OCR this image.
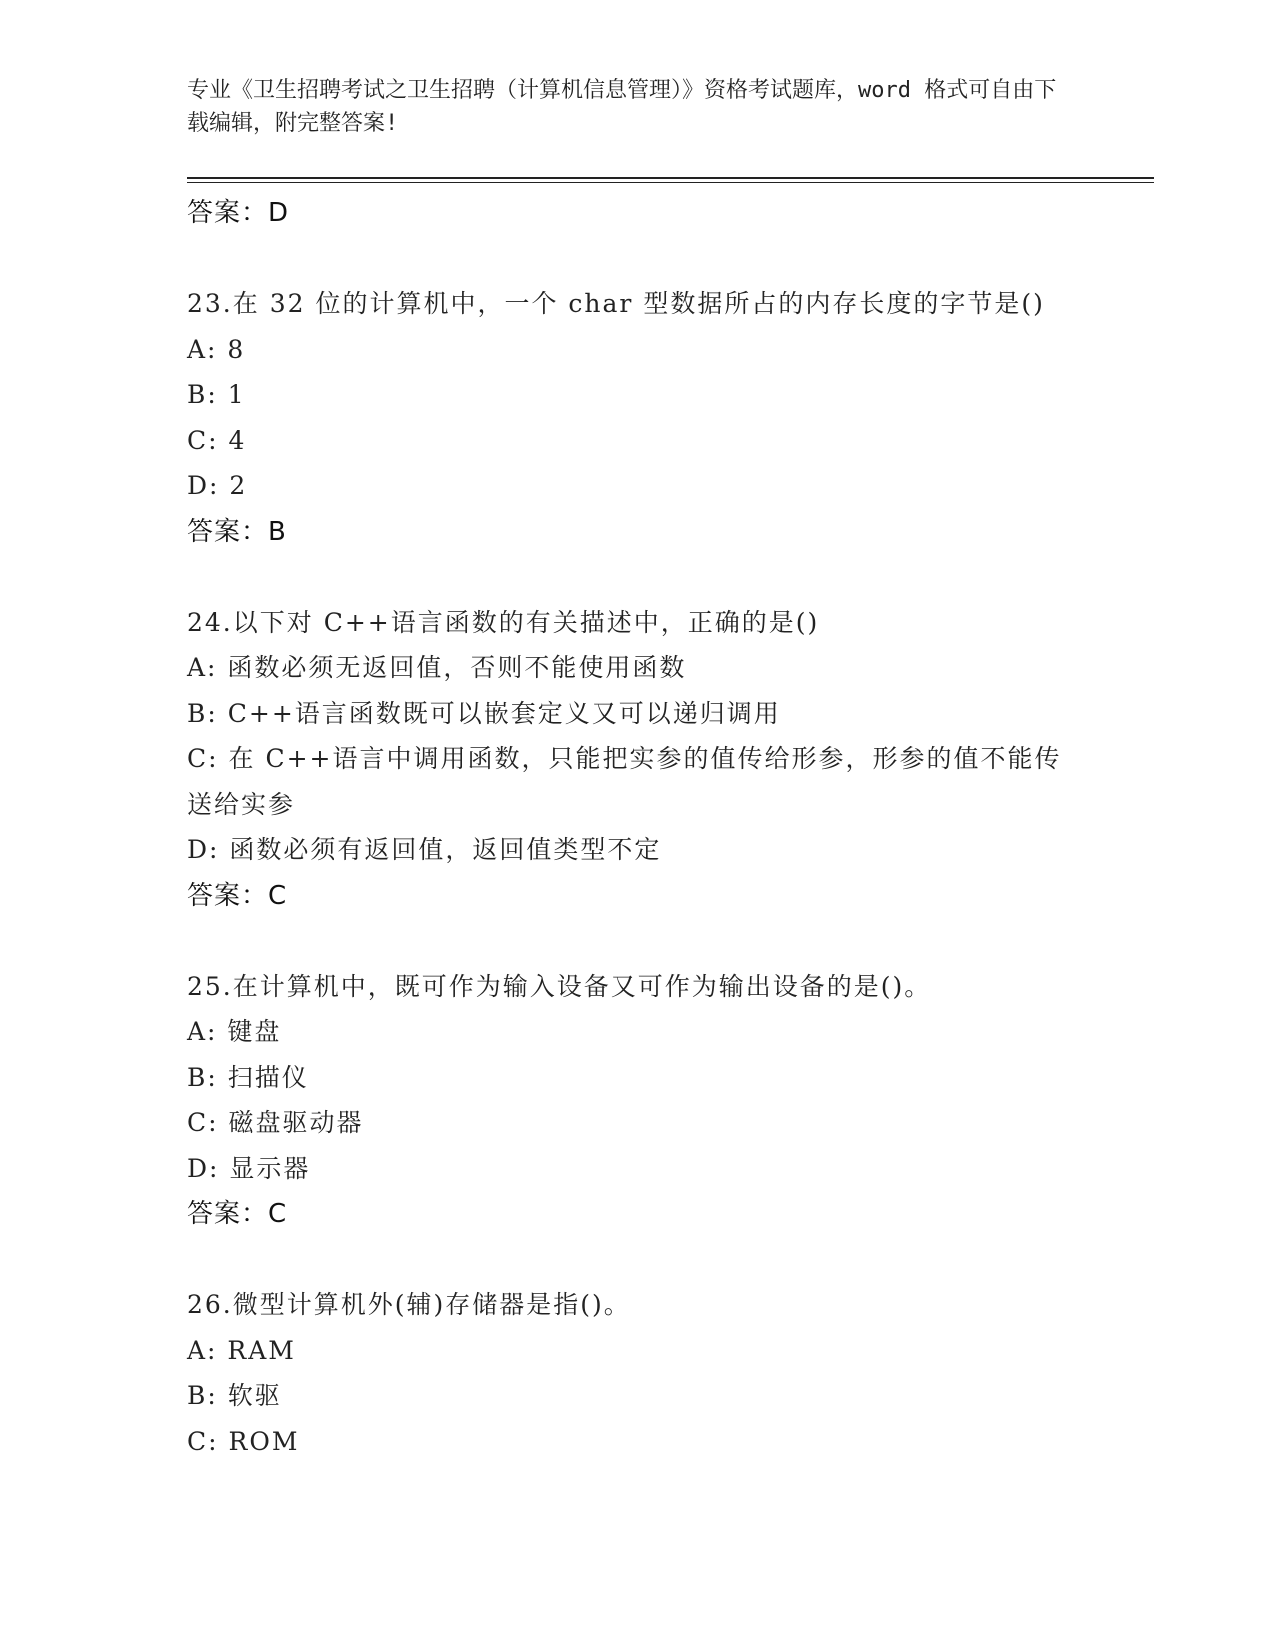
专业《卫生招聘考试之卫生招聘（计算机信息管理）》资格考试题库，word 格式可自由下载编辑，附完整答案!
答案：D
23.在 32 位的计算机中，一个 char 型数据所占的内存长度的字节是()
A: 8
B: 1
C: 4
D: 2
答案：B
24.以下对 C++语言函数的有关描述中，正确的是()
A: 函数必须无返回值，否则不能使用函数
B: C++语言函数既可以嵌套定义又可以递归调用
C: 在 C++语言中调用函数，只能把实参的值传给形参，形参的值不能传送给实参
D: 函数必须有返回值，返回值类型不定
答案：C
25.在计算机中，既可作为输入设备又可作为输出设备的是()。
A: 键盘
B: 扫描仪
C: 磁盘驱动器
D: 显示器
答案：C
26.微型计算机外(辅)存储器是指()。
A: RAM
B: 软驱
C: ROM
